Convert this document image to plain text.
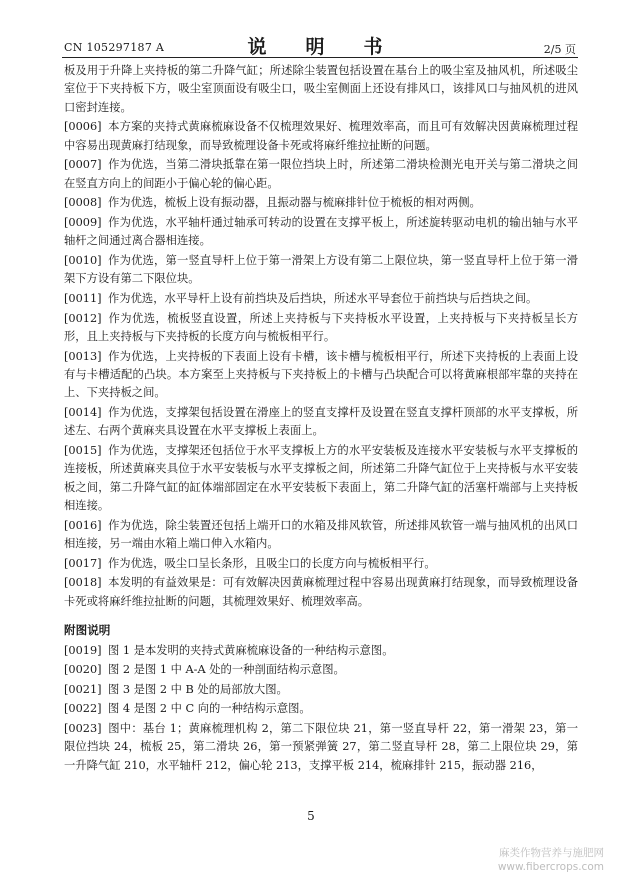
CN 105297187 A	说　明　书	2/5 页

板及用于升降上夹持板的第二升降气缸；所述除尘装置包括设置在基台上的吸尘室及抽风机，所述吸尘室位于下夹持板下方，吸尘室顶面设有吸尘口，吸尘室侧面上还设有排风口，该排风口与抽风机的进风口密封连接。

[0006] 本方案的夹持式黄麻梳麻设备不仅梳理效果好、梳理效率高，而且可有效解决因黄麻梳理过程中容易出现黄麻打结现象，而导致梳理设备卡死或将麻纤维拉扯断的问题。

[0007] 作为优选，当第二滑块抵靠在第一限位挡块上时，所述第二滑块检测光电开关与第二滑块之间在竖直方向上的间距小于偏心轮的偏心距。

[0008] 作为优选，梳板上设有振动器，且振动器与梳麻排针位于梳板的相对两侧。

[0009] 作为优选，水平轴杆通过轴承可转动的设置在支撑平板上，所述旋转驱动电机的输出轴与水平轴杆之间通过离合器相连接。

[0010] 作为优选，第一竖直导杆上位于第一滑架上方设有第二上限位块，第一竖直导杆上位于第一滑架下方设有第二下限位块。

[0011] 作为优选，水平导杆上设有前挡块及后挡块，所述水平导套位于前挡块与后挡块之间。

[0012] 作为优选，梳板竖直设置，所述上夹持板与下夹持板水平设置，上夹持板与下夹持板呈长方形，且上夹持板与下夹持板的长度方向与梳板相平行。

[0013] 作为优选，上夹持板的下表面上设有卡槽，该卡槽与梳板相平行，所述下夹持板的上表面上设有与卡槽适配的凸块。本方案至上夹持板与下夹持板上的卡槽与凸块配合可以将黄麻根部牢靠的夹持在上、下夹持板之间。

[0014] 作为优选，支撑架包括设置在滑座上的竖直支撑杆及设置在竖直支撑杆顶部的水平支撑板，所述左、右两个黄麻夹具设置在水平支撑板上表面上。

[0015] 作为优选，支撑架还包括位于水平支撑板上方的水平安装板及连接水平安装板与水平支撑板的连接板，所述黄麻夹具位于水平安装板与水平支撑板之间，所述第二升降气缸位于上夹持板与水平安装板之间，第二升降气缸的缸体端部固定在水平安装板下表面上，第二升降气缸的活塞杆端部与上夹持板相连接。

[0016] 作为优选，除尘装置还包括上端开口的水箱及排风软管，所述排风软管一端与抽风机的出风口相连接，另一端由水箱上端口伸入水箱内。

[0017] 作为优选，吸尘口呈长条形，且吸尘口的长度方向与梳板相平行。

[0018] 本发明的有益效果是：可有效解决因黄麻梳理过程中容易出现黄麻打结现象，而导致梳理设备卡死或将麻纤维拉扯断的问题，其梳理效果好、梳理效率高。

附图说明

[0019] 图 1 是本发明的夹持式黄麻梳麻设备的一种结构示意图。

[0020] 图 2 是图 1 中 A-A 处的一种剖面结构示意图。

[0021] 图 3 是图 2 中 B 处的局部放大图。

[0022] 图 4 是图 2 中 C 向的一种结构示意图。

[0023] 图中：基台 1；黄麻梳理机构 2，第二下限位块 21，第一竖直导杆 22，第一滑架 23，第一限位挡块 24，梳板 25，第二滑块 26，第一预紧弹簧 27，第二竖直导杆 28，第二上限位块 29，第一升降气缸 210，水平轴杆 212，偏心轮 213，支撑平板 214，梳麻排针 215，振动器 216，

5
麻类作物营养与施肥网
www.fibercrops.com
